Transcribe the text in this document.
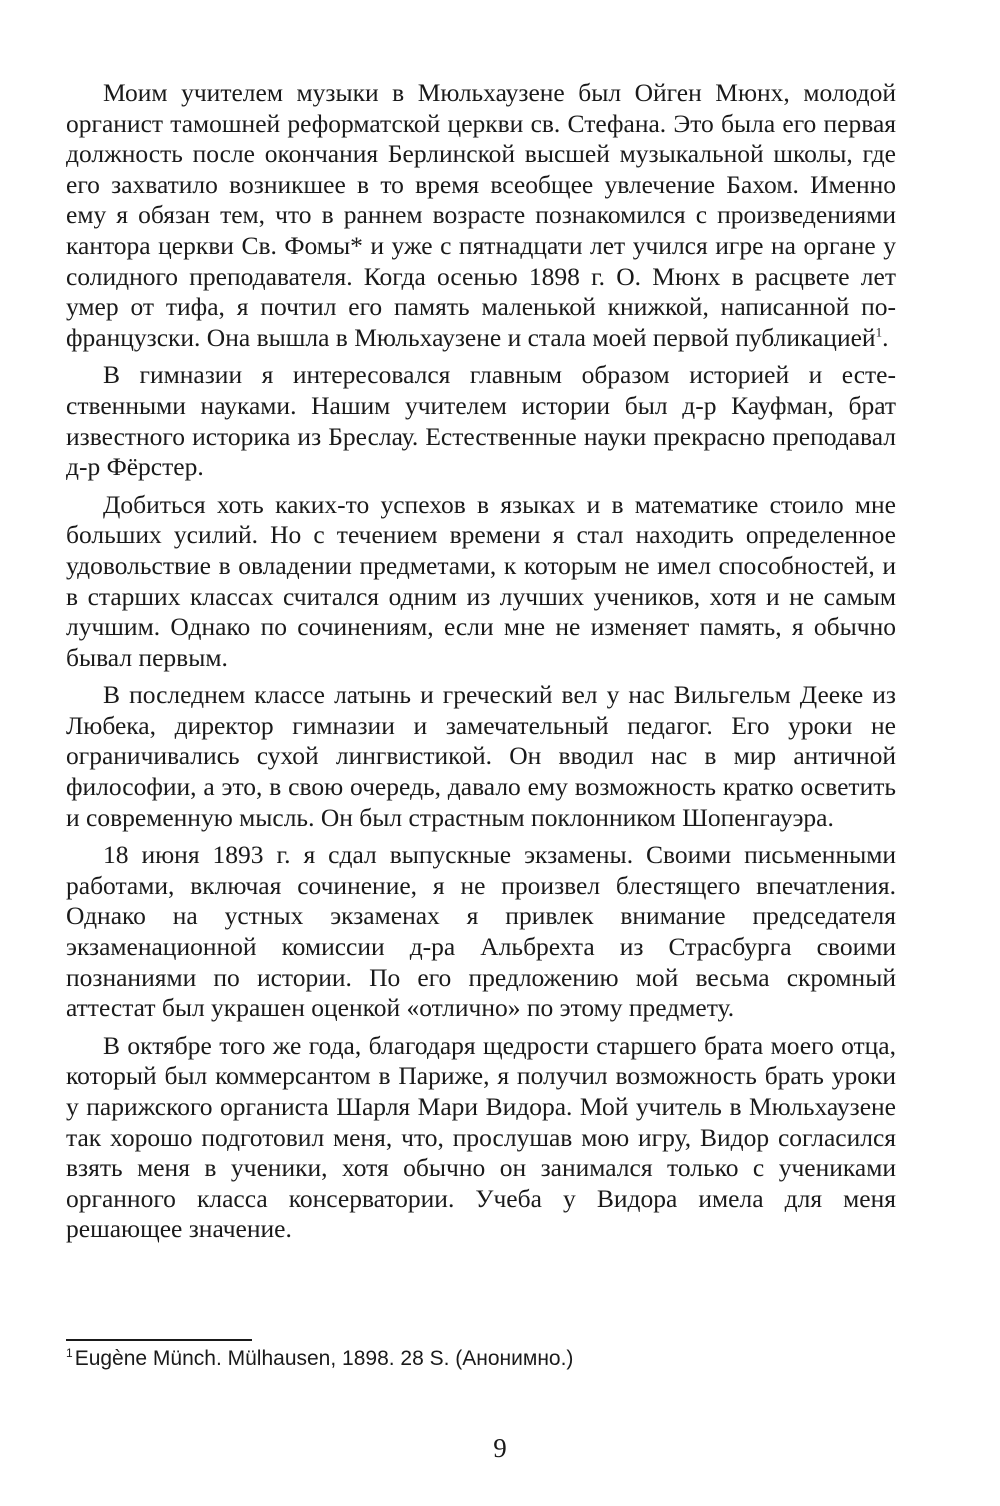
Моим учителем музыки в Мюльхаузене был Ойген Мюнх, молодой органист тамошней реформатской церкви св. Стефана. Это была его первая должность после окончания Берлинской высшей музыкальной школы, где его захватило возникшее в то время всеобщее увлечение Бахом. Именно ему я обязан тем, что в раннем возрасте познакомился с произведениями кантора церкви Св. Фомы* и уже с пятнадцати лет учился игре на органе у солидного преподавателя. Когда осенью 1898 г. О. Мюнх в расцвете лет умер от тифа, я почтил его память маленькой книжкой, написанной по-французски. Она вышла в Мюльхаузене и стала моей первой публикацией$^1$.

В гимназии я интересовался главным образом историей и естественными науками. Нашим учителем истории был д-р Кауфман, брат известного историка из Бреслау. Естественные науки прекрасно преподавал д-р Фёрстер.

Добиться хоть каких-то успехов в языках и в математике стоило мне больших усилий. Но с течением времени я стал находить определенное удовольствие в овладении предметами, к которым не имел способностей, и в старших классах считался одним из лучших учеников, хотя и не самым лучшим. Однако по сочинениям, если мне не изменяет память, я обычно бывал первым.

В последнем классе латынь и греческий вел у нас Вильгельм Дееке из Любека, директор гимназии и замечательный педагог. Его уроки не ограничивались сухой лингвистикой. Он вводил нас в мир античной философии, а это, в свою очередь, давало ему возможность кратко осветить и современную мысль. Он был страстным поклонником Шопенгауэра.

18 июня 1893 г. я сдал выпускные экзамены. Своими письменными работами, включая сочинение, я не произвел блестящего впечатления. Однако на устных экзаменах я привлек внимание председателя экзаменационной комиссии д-ра Альбрехта из Страсбурга своими познаниями по истории. По его предложению мой весьма скромный аттестат был украшен оценкой «отлично» по этому предмету.

В октябре того же года, благодаря щедрости старшего брата моего отца, который был коммерсантом в Париже, я получил возможность брать уроки у парижского органиста Шарля Мари Видора. Мой учитель в Мюльхаузене так хорошо подготовил меня, что, прослушав мою игру, Видор согласился взять меня в ученики, хотя обычно он занимался только с учениками органного класса консерватории. Учеба у Видора имела для меня решающее значение.

$^1$Eugène Münch. Mülhausen, 1898. 28 S. (Анонимно.)
9
